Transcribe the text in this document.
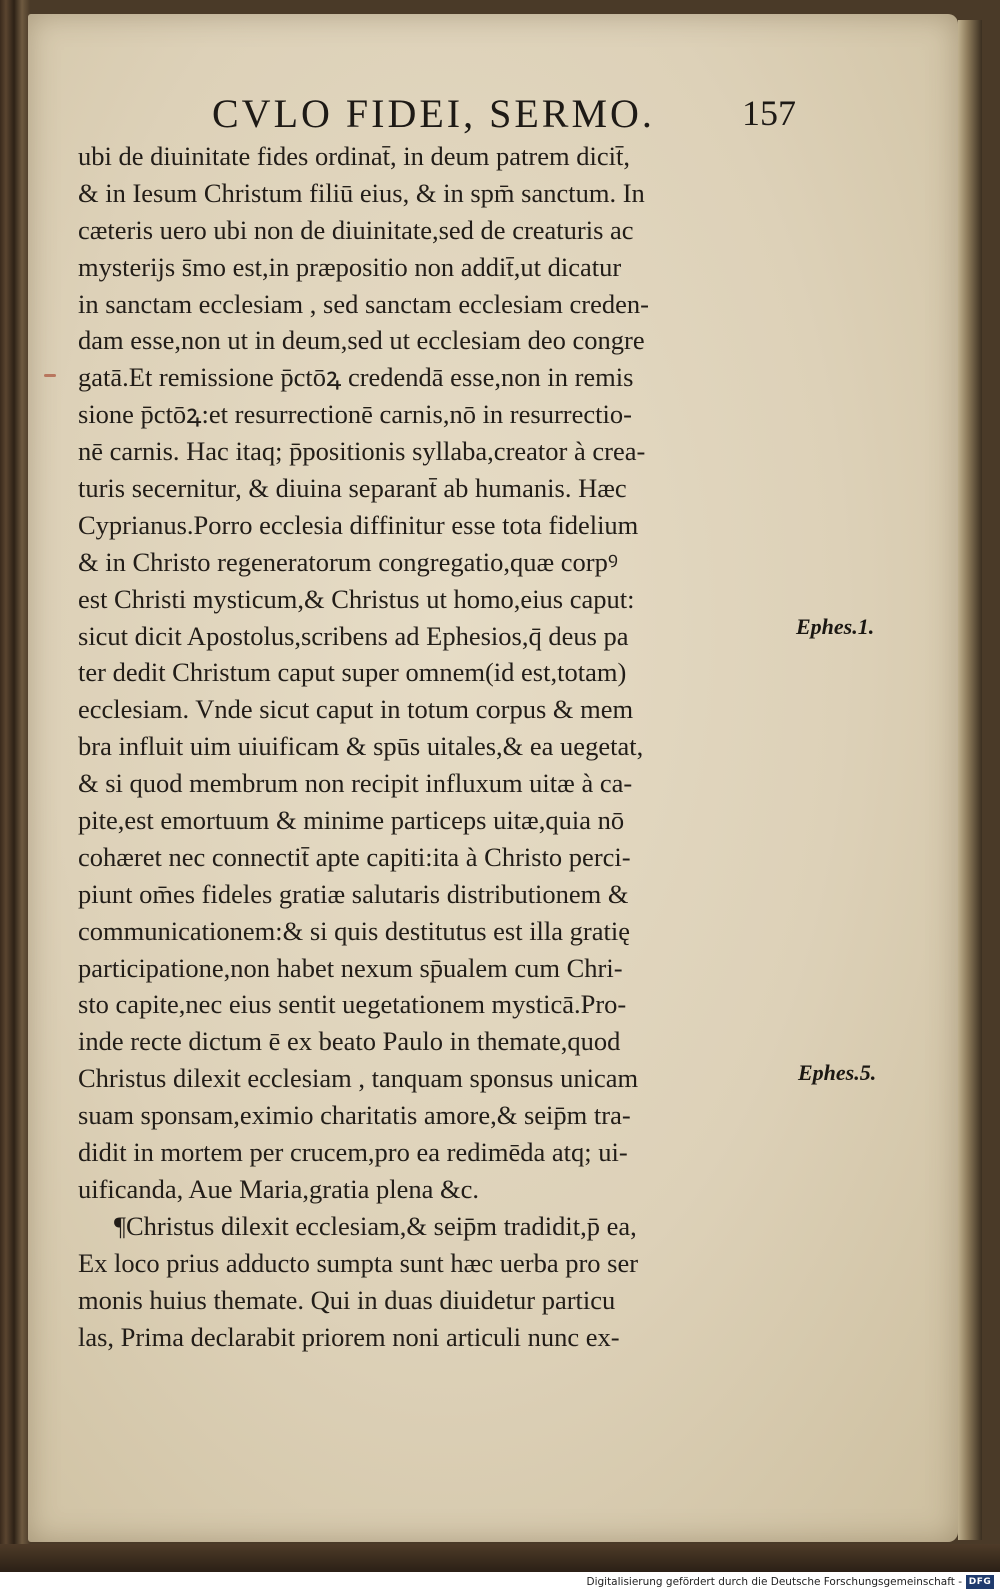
CVLO FIDEI, SERMO. 157
ubi de diuinitate fides ordinat̄, in deum patrem dicit̄,
& in Iesum Christum filiū eius, & in spm̄ sanctum. In
cæteris uero ubi non de diuinitate,sed de creaturis ac
mysterijs s̄mo est,in præpositio non addit̄,ut dicatur
in sanctam ecclesiam , sed sanctam ecclesiam creden-
dam esse,non ut in deum,sed ut ecclesiam deo congre
gatā.Et remissione p̄ctōꝝ credendā esse,non in remis
sione p̄ctōꝝ:et resurrectionē carnis,nō in resurrectio-
nē carnis. Hac itaq; p̄positionis syllaba,creator à crea-
turis secernitur, & diuina separant̄ ab humanis. Hæc
Cyprianus.Porro ecclesia diffinitur esse tota fidelium
& in Christo regeneratorum congregatio,quæ corpꝰ
est Christi mysticum,& Christus ut homo,eius caput:
sicut dicit Apostolus,scribens ad Ephesios,q̄ deus pa
ter dedit Christum caput super omnem(id est,totam)
ecclesiam. Vnde sicut caput in totum corpus & mem
bra influit uim uiuificam & spūs uitales,& ea uegetat,
& si quod membrum non recipit influxum uitæ à ca-
pite,est emortuum & minime particeps uitæ,quia nō
cohæret nec connectit̄ apte capiti:ita à Christo perci-
piunt om̄es fideles gratiæ salutaris distributionem &
communicationem:& si quis destitutus est illa gratię
participatione,non habet nexum sp̄ualem cum Chri-
sto capite,nec eius sentit uegetationem mysticā.Pro-
inde recte dictum ē ex beato Paulo in themate,quod
Christus dilexit ecclesiam , tanquam sponsus unicam
suam sponsam,eximio charitatis amore,& seip̄m tra-
didit in mortem per crucem,pro ea redimēda atq; ui-
uificanda, Aue Maria,gratia plena &c.
¶Christus dilexit ecclesiam,& seip̄m tradidit,p̄ ea,
Ex loco prius adducto sumpta sunt hæc uerba pro ser
monis huius themate. Qui in duas diuidetur particu
las, Prima declarabit priorem noni articuli nunc ex-
Ephes.1.
Ephes.5.
Digitalisierung gefördert durch die Deutsche Forschungsgemeinschaft - DFG
